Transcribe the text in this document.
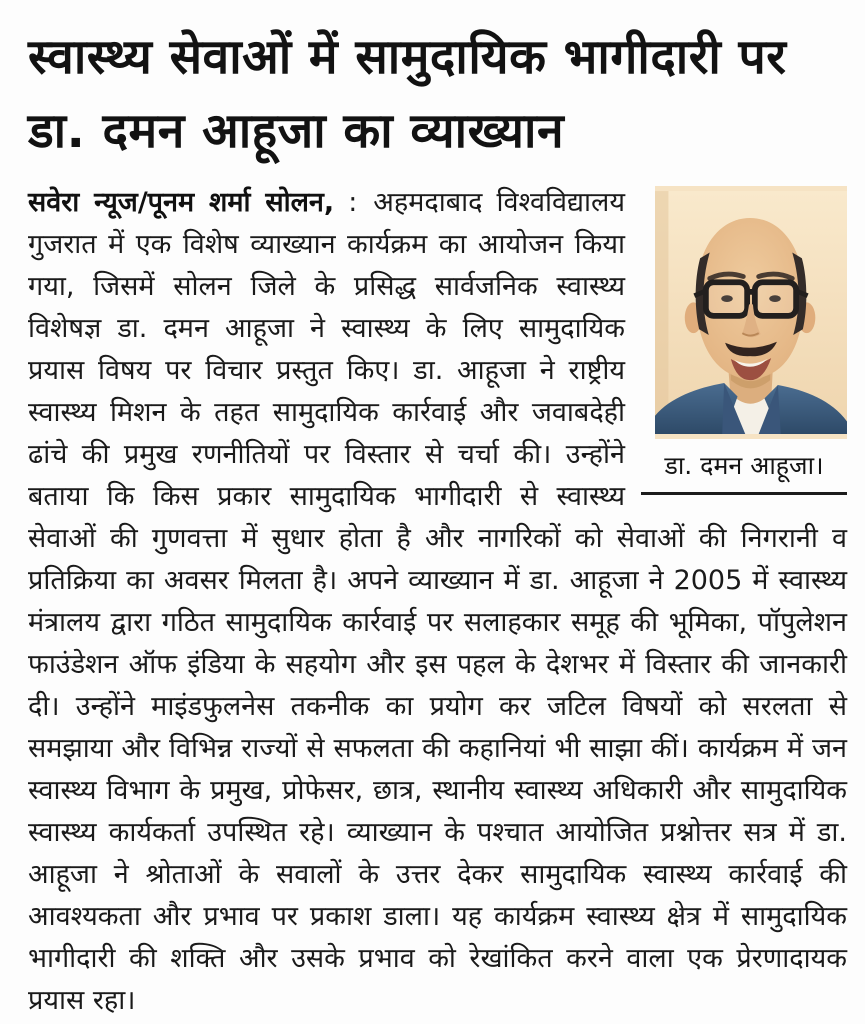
स्वास्थ्य सेवाओं में सामुदायिक भागीदारी पर डा. दमन आहूजा का व्याख्यान
डा. दमन आहूजा।

सवेरा न्यूज/पूनम शर्मा सोलन, : अहमदाबाद विश्वविद्यालय गुजरात में एक विशेष व्याख्यान कार्यक्रम का आयोजन किया गया, जिसमें सोलन जिले के प्रसिद्ध सार्वजनिक स्वास्थ्य विशेषज्ञ डा. दमन आहूजा ने स्वास्थ्य के लिए सामुदायिक प्रयास विषय पर विचार प्रस्तुत किए। डा. आहूजा ने राष्ट्रीय स्वास्थ्य मिशन के तहत सामुदायिक कार्रवाई और जवाबदेही ढांचे की प्रमुख रणनीतियों पर विस्तार से चर्चा की। उन्होंने बताया कि किस प्रकार सामुदायिक भागीदारी से स्वास्थ्य सेवाओं की गुणवत्ता में सुधार होता है और नागरिकों को सेवाओं की निगरानी व प्रतिक्रिया का अवसर मिलता है। अपने व्याख्यान में डा. आहूजा ने 2005 में स्वास्थ्य मंत्रालय द्वारा गठित सामुदायिक कार्रवाई पर सलाहकार समूह की भूमिका, पॉपुलेशन फाउंडेशन ऑफ इंडिया के सहयोग और इस पहल के देशभर में विस्तार की जानकारी दी। उन्होंने माइंडफुलनेस तकनीक का प्रयोग कर जटिल विषयों को सरलता से समझाया और विभिन्न राज्यों से सफलता की कहानियां भी साझा कीं। कार्यक्रम में जन स्वास्थ्य विभाग के प्रमुख, प्रोफेसर, छात्र, स्थानीय स्वास्थ्य अधिकारी और सामुदायिक स्वास्थ्य कार्यकर्ता उपस्थित रहे। व्याख्यान के पश्चात आयोजित प्रश्नोत्तर सत्र में डा. आहूजा ने श्रोताओं के सवालों के उत्तर देकर सामुदायिक स्वास्थ्य कार्रवाई की आवश्यकता और प्रभाव पर प्रकाश डाला। यह कार्यक्रम स्वास्थ्य क्षेत्र में सामुदायिक भागीदारी की शक्ति और उसके प्रभाव को रेखांकित करने वाला एक प्रेरणादायक प्रयास रहा।
